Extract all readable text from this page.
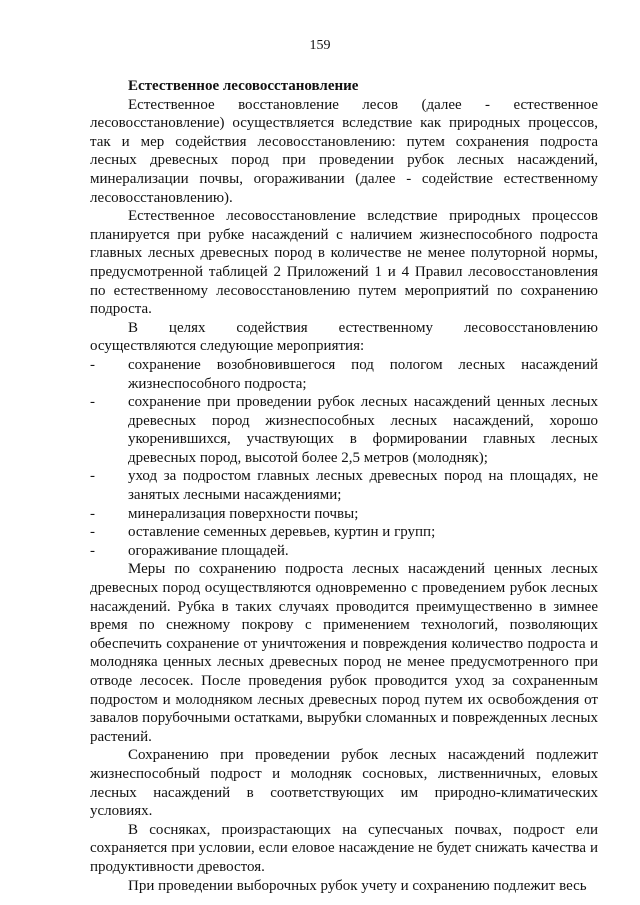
159

Естественное лесовосстановление

Естественное восстановление лесов (далее - естественное лесовосстановление) осуществляется вследствие как природных процессов, так и мер содействия лесовосстановлению: путем сохранения подроста лесных древесных пород при проведении рубок лесных насаждений, минерализации почвы, огораживании (далее - содействие естественному лесовосстановлению).

Естественное лесовосстановление вследствие природных процессов планируется при рубке насаждений с наличием жизнеспособного подроста главных лесных древесных пород в количестве не менее полуторной нормы, предусмотренной таблицей 2 Приложений 1 и 4 Правил лесовосстановления по естественному лесовосстановлению путем мероприятий по сохранению подроста.

В целях содействия естественному лесовосстановлению осуществляются следующие мероприятия:

- сохранение возобновившегося под пологом лесных насаждений жизнеспособного подроста;
- сохранение при проведении рубок лесных насаждений ценных лесных древесных пород жизнеспособных лесных насаждений, хорошо укоренившихся, участвующих в формировании главных лесных древесных пород, высотой более 2,5 метров (молодняк);
- уход за подростом главных лесных древесных пород на площадях, не занятых лесными насаждениями;
- минерализация поверхности почвы;
- оставление семенных деревьев, куртин и групп;
- огораживание площадей.

Меры по сохранению подроста лесных насаждений ценных лесных древесных пород осуществляются одновременно с проведением рубок лесных насаждений. Рубка в таких случаях проводится преимущественно в зимнее время по снежному покрову с применением технологий, позволяющих обеспечить сохранение от уничтожения и повреждения количество подроста и молодняка ценных лесных древесных пород не менее предусмотренного при отводе лесосек. После проведения рубок проводится уход за сохраненным подростом и молодняком лесных древесных пород путем их освобождения от завалов порубочными остатками, вырубки сломанных и поврежденных лесных растений.

Сохранению при проведении рубок лесных насаждений подлежит жизнеспособный подрост и молодняк сосновых, лиственничных, еловых лесных насаждений в соответствующих им природно-климатических условиях.

В сосняках, произрастающих на супесчаных почвах, подрост ели сохраняется при условии, если еловое насаждение не будет снижать качества и продуктивности древостоя.

При проведении выборочных рубок учету и сохранению подлежит весь
